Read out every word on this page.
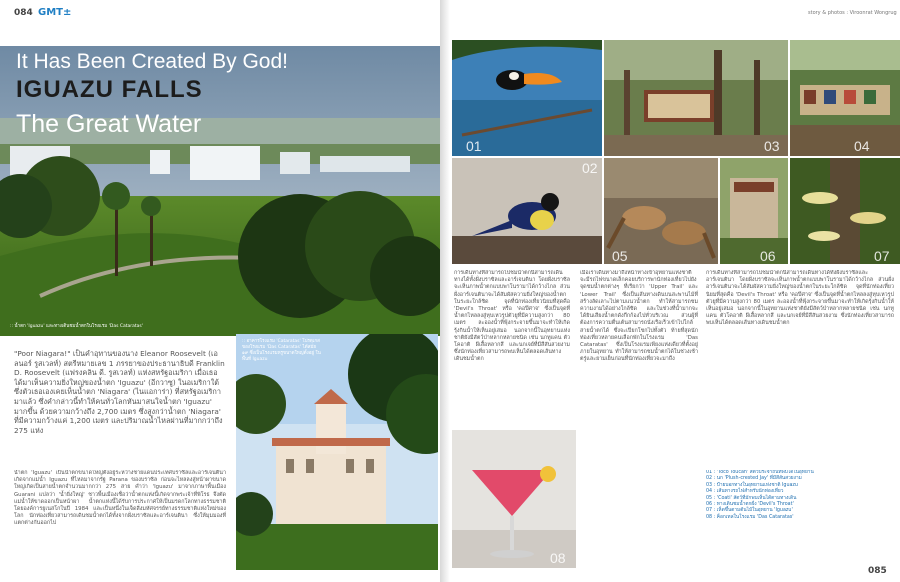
084 GMT±
:: น้ำตก 'Iguazu' และทางเดินชมน้ำตกในโรงแรม 'Das Cataratas'
It Has Been Created By God!
IGUAZU FALLS
The Great Water
:: อาคารโรงแรม 'Cataratas' โปรตุเกส ของโรงแรม 'Das Cataratas' ได้สมัย ๑๙ ซึ่งเป็นโรงแรมหรูขนาดใหญ่ตั้งอยู่ ในพื้นที่ Iguazu
"Poor Niagara!" เป็นคำอุทานของนาง Eleanor Roosevelt (เอลนอร์ รูสเวลท์) สตรีหมายเลข 1 ภรรยาของประธานาธิบดี Franklin D. Roosevelt (แฟรงคลิน ดี. รูสเวลท์) แห่งสหรัฐอเมริกา เมื่อเธอได้มาเห็นความยิ่งใหญ่ของน้ำตก 'Iguazu' (อีกวาซู) ในอเมริกาใต้ซึ่งตัวเธอเองเคยเห็นน้ำตก 'Niagara' (ไนแอการ่า) ที่สหรัฐอเมริกามาแล้ว ซึ่งคำกล่าวนี้ทำให้คนทั่วโลกหันมาสนใจน้ำตก 'Iguazu' มากขึ้น ด้วยความกว้างถึง 2,700 เมตร ซึ่งสูงกว่าน้ำตก 'Niagara' ที่มีความกว้างแค่ 1,200 เมตร และปริมาณน้ำไหลผ่านที่มากกว่าถึง 275 แห่ง
น้ำตก 'Iguazu' เป็นน้ำตกขนาดใหญ่ตั้งอยู่ระหว่างชายแดนประเทศบราซิลและอาร์เจนตินา เกิดจากแม่น้ำ Iguazu ที่ไหลมาจากรัฐ Parana ของบราซิล ก่อนจะไหลลงสู่หน้าผาขนาดใหญ่เกิดเป็นสายน้ำตกจำนวนมากกว่า 275 สาย คำว่า 'Iguazu' มาจากภาษาพื้นเมือง Guarani แปลว่า 'น้ำยิ่งใหญ่' ชาวพื้นเมืองเชื่อว่าน้ำตกแห่งนี้เกิดจากพระเจ้าที่พิโรธ จึงตัดแม่น้ำให้ขาดออกเป็นหน้าผา น้ำตกแห่งนี้ได้รับการประกาศให้เป็นมรดกโลกทางธรรมชาติโดยองค์การยูเนสโกในปี 1984 และเป็นหนึ่งในเจ็ดสิ่งมหัศจรรย์ทางธรรมชาติแห่งใหม่ของโลก นักท่องเที่ยวสามารถเดินชมน้ำตกได้ทั้งจากฝั่งบราซิลและอาร์เจนตินา ซึ่งให้มุมมองที่แตกต่างกันออกไป
story & photos : Viroonrat Wongrug
01	03	04
02
05	06	07
การเดินทางที่สามารถไปชมน้ำตกนี้สามารถเดินทางได้ทั้งฝั่งบราซิลและอาร์เจนตินา โดยฝั่งบราซิลจะเห็นภาพน้ำตกแบบพาโนรามาได้กว้างไกล ส่วนฝั่งอาร์เจนตินาจะได้สัมผัสความยิ่งใหญ่ของน้ำตกในระยะใกล้ชิด จุดที่นักท่องเที่ยวนิยมที่สุดคือ 'Devil's Throat' หรือ 'คอปีศาจ' ซึ่งเป็นจุดที่น้ำตกไหลลงสู่หุบเหวรูปตัวยูที่มีความสูงกว่า 80 เมตร ละอองน้ำที่ฟุ้งกระจายขึ้นมาจะทำให้เกิดรุ้งกินน้ำให้เห็นอยู่เสมอ นอกจากนี้ในอุทยานแห่งชาติยังมีสัตว์ป่าหลากหลายชนิด เช่น นกทูแคน ตัวโคอาติ ผีเสื้อหลากสี และนกเจย์ที่มีสีสันสวยงาม ซึ่งนักท่องเที่ยวสามารถพบเห็นได้ตลอดเส้นทางเดินชมน้ำตก
08
เมื่อเราเดินทางมาถึงหน้าทางเข้าอุทยานแห่งชาติ จะมีรถไฟขนาดเล็กคอยบริการพานักท่องเที่ยวไปยังจุดชมน้ำตกต่างๆ ที่เรียกว่า 'Upper Trail' และ 'Lower Trail' ซึ่งเป็นเส้นทางเดินบนสะพานไม้ที่สร้างลัดเลาะไปตามแนวน้ำตก ทำให้สามารถชมความงามได้อย่างใกล้ชิด และในช่วงที่น้ำมากจะได้ยินเสียงน้ำตกดังกึกก้องไปทั่วบริเวณ ส่วนผู้ที่ต้องการความตื่นเต้นสามารถนั่งเรือเร็วเข้าไปใกล้สายน้ำตกได้ ซึ่งจะเปียกโชกไปทั้งตัว ท้ายที่สุดนักท่องเที่ยวหลายคนเลือกพักในโรงแรม 'Das Cataratas' ซึ่งเป็นโรงแรมเพียงแห่งเดียวที่ตั้งอยู่ภายในอุทยาน ทำให้สามารถชมน้ำตกได้ในช่วงเช้าตรู่และยามเย็นก่อนที่นักท่องเที่ยวจะมาถึง
การเดินทางที่สามารถไปชมน้ำตกนี้สามารถเดินทางได้ทั้งฝั่งบราซิลและอาร์เจนตินา โดยฝั่งบราซิลจะเห็นภาพน้ำตกแบบพาโนรามาได้กว้างไกล ส่วนฝั่งอาร์เจนตินาจะได้สัมผัสความยิ่งใหญ่ของน้ำตกในระยะใกล้ชิด จุดที่นักท่องเที่ยวนิยมที่สุดคือ 'Devil's Throat' หรือ 'คอปีศาจ' ซึ่งเป็นจุดที่น้ำตกไหลลงสู่หุบเหวรูปตัวยูที่มีความสูงกว่า 80 เมตร ละอองน้ำที่ฟุ้งกระจายขึ้นมาจะทำให้เกิดรุ้งกินน้ำให้เห็นอยู่เสมอ นอกจากนี้ในอุทยานแห่งชาติยังมีสัตว์ป่าหลากหลายชนิด เช่น นกทูแคน ตัวโคอาติ ผีเสื้อหลากสี และนกเจย์ที่มีสีสันสวยงาม ซึ่งนักท่องเที่ยวสามารถพบเห็นได้ตลอดเส้นทางเดินชมน้ำตก
01 : 'Toco Toucan' สัตว์ประจำถิ่นที่พบได้ในอุทยาน
02 : นก 'Plush-crested Jay' ที่มีสีสันสวยงาม
03 : ป้ายบอกทางในอุทยานแห่งชาติ Iguazu
04 : เส้นทางรถไฟสำหรับนักท่องเที่ยว
05 : 'Coati' สัตว์ที่มักพบเห็นได้ตามทางเดิน
06 : ทางเดินชมน้ำตกฝั่ง 'Devil's Throat'
07 : เห็ดขึ้นตามต้นไม้ในอุทยาน 'Iguazu'
08 : ค็อกเทลในโรงแรม 'Das Cataratas'
085
